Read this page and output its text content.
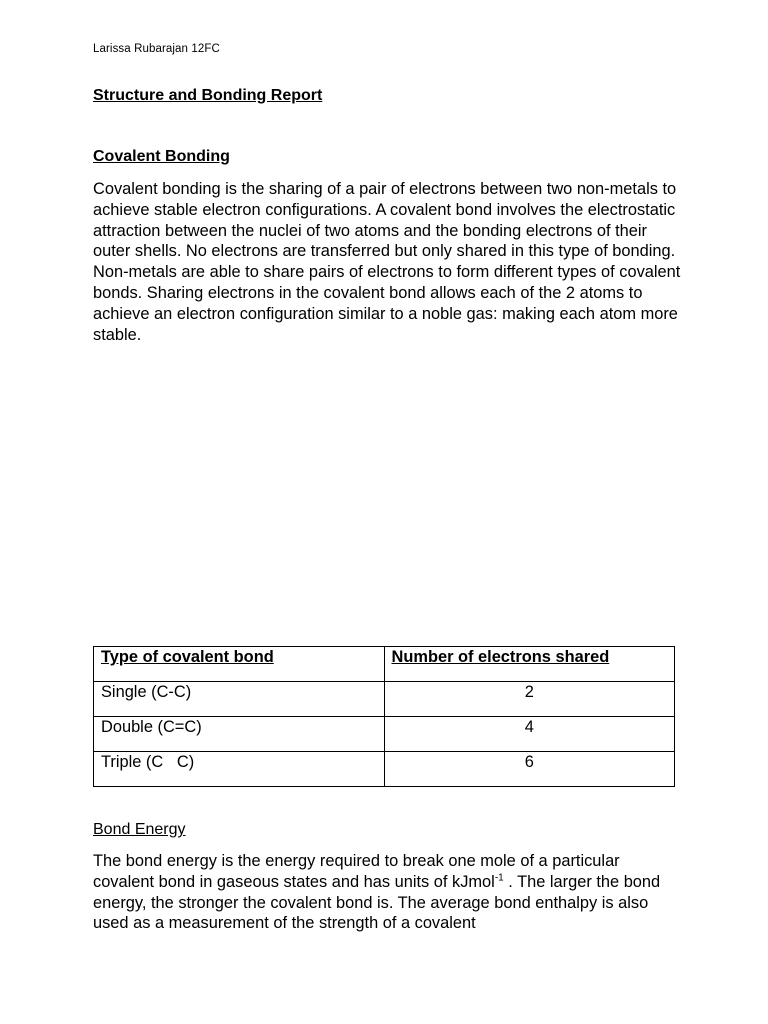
Larissa Rubarajan 12FC
Structure and Bonding Report
Covalent Bonding

Covalent bonding is the sharing of a pair of electrons between two non-metals to achieve stable electron configurations. A covalent bond involves the electrostatic attraction between the nuclei of two atoms and the bonding electrons of their outer shells. No electrons are transferred but only shared in this type of bonding. Non-metals are able to share pairs of electrons to form different types of covalent bonds. Sharing electrons in the covalent bond allows each of the 2 atoms to achieve an electron configuration similar to a noble gas: making each atom more stable.

Type of covalent bond	Number of electrons shared
Single (C-C)	2
Double (C=C)	4
Triple (C   C)	6
Bond Energy

The bond energy is the energy required to break one mole of a particular covalent bond in gaseous states and has units of kJmol$^{-1}$ . The larger the bond energy, the stronger the covalent bond is. The average bond enthalpy is also used as a measurement of the strength of a covalent
